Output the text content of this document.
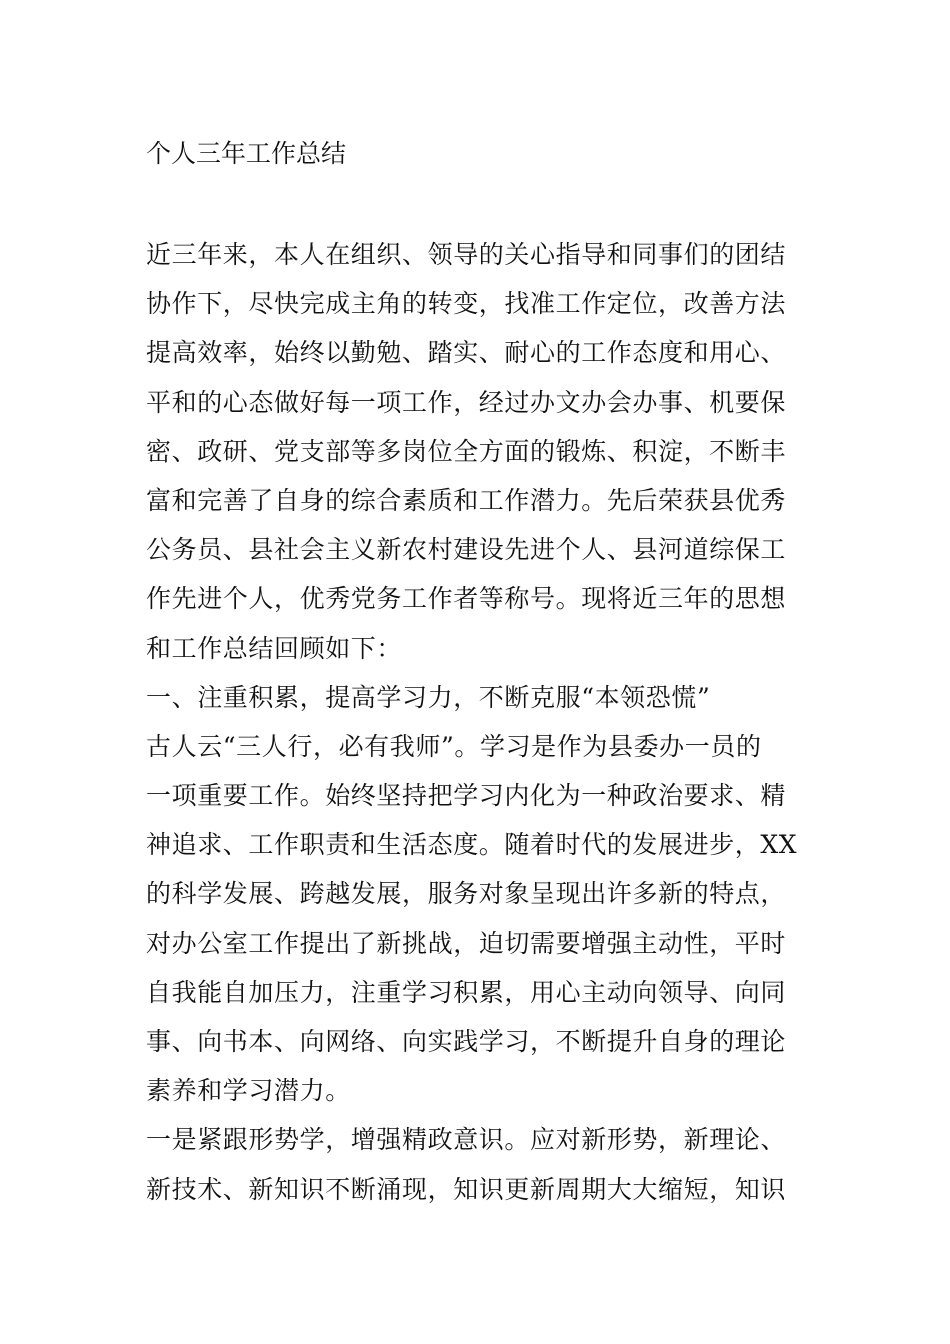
个人三年工作总结
近三年来，本人在组织、领导的关心指导和同事们的团结
协作下，尽快完成主角的转变，找准工作定位，改善方法
提高效率，始终以勤勉、踏实、耐心的工作态度和用心、
平和的心态做好每一项工作，经过办文办会办事、机要保
密、政研、党支部等多岗位全方面的锻炼、积淀，不断丰
富和完善了自身的综合素质和工作潜力。先后荣获县优秀
公务员、县社会主义新农村建设先进个人、县河道综保工
作先进个人，优秀党务工作者等称号。现将近三年的思想
和工作总结回顾如下：
一、注重积累，提高学习力，不断克服“本领恐慌”
古人云“三人行，必有我师”。学习是作为县委办一员的
一项重要工作。始终坚持把学习内化为一种政治要求、精
神追求、工作职责和生活态度。随着时代的发展进步，XX
的科学发展、跨越发展，服务对象呈现出许多新的特点，
对办公室工作提出了新挑战，迫切需要增强主动性，平时
自我能自加压力，注重学习积累，用心主动向领导、向同
事、向书本、向网络、向实践学习，不断提升自身的理论
素养和学习潜力。
一是紧跟形势学，增强精政意识。应对新形势，新理论、
新技术、新知识不断涌现，知识更新周期大大缩短，知识
